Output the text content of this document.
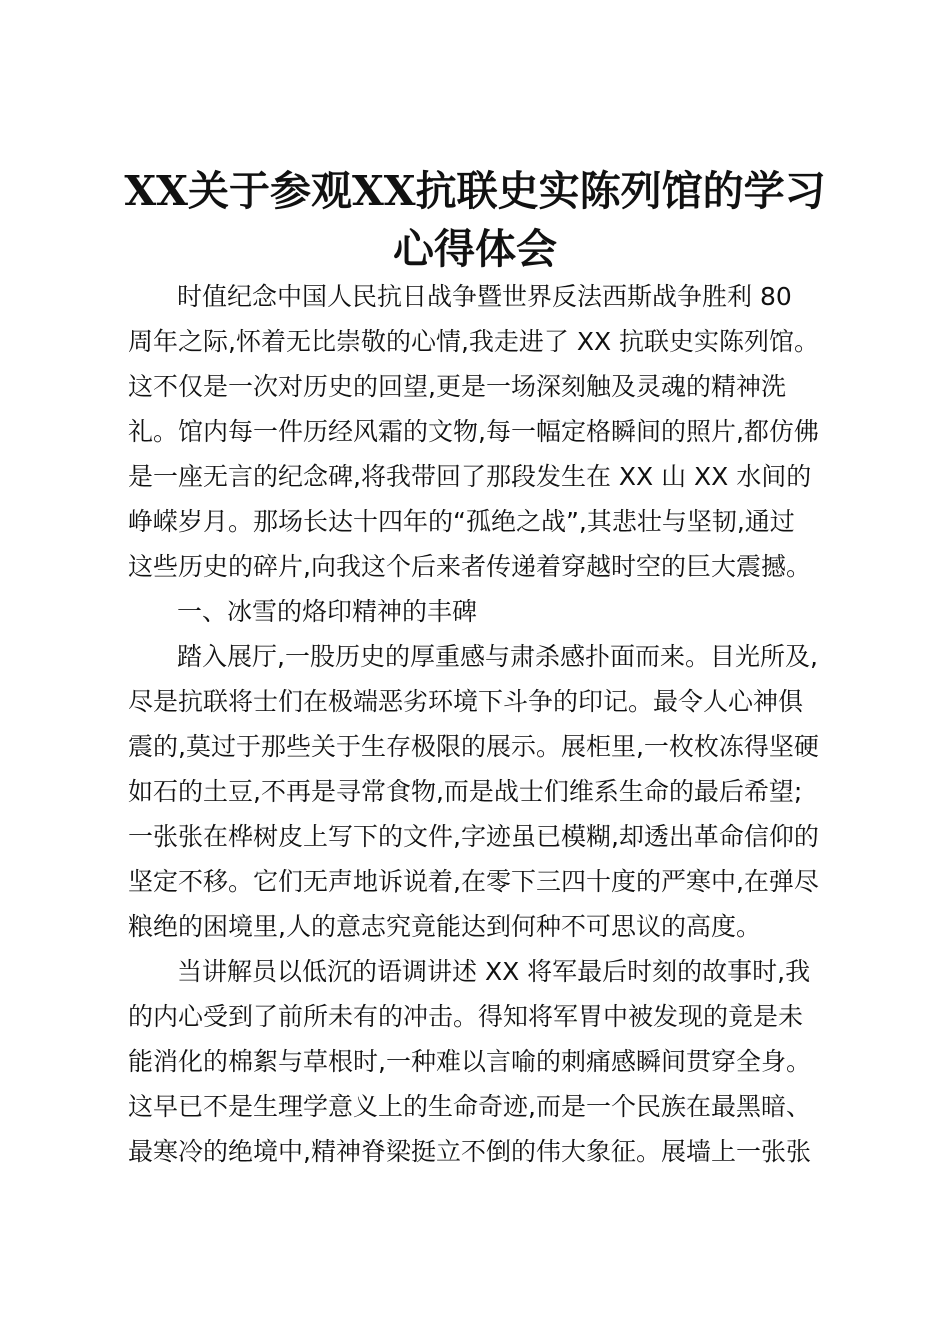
XX关于参观XX抗联史实陈列馆的学习
心得体会
时值纪念中国人民抗日战争暨世界反法西斯战争胜利 80
周年之际,怀着无比崇敬的心情,我走进了 XX 抗联史实陈列馆。
这不仅是一次对历史的回望,更是一场深刻触及灵魂的精神洗
礼。馆内每一件历经风霜的文物,每一幅定格瞬间的照片,都仿佛
是一座无言的纪念碑,将我带回了那段发生在 XX 山 XX 水间的
峥嵘岁月。那场长达十四年的“孤绝之战”,其悲壮与坚韧,通过
这些历史的碎片,向我这个后来者传递着穿越时空的巨大震撼。
一、冰雪的烙印精神的丰碑
踏入展厅,一股历史的厚重感与肃杀感扑面而来。目光所及,
尽是抗联将士们在极端恶劣环境下斗争的印记。最令人心神俱
震的,莫过于那些关于生存极限的展示。展柜里,一枚枚冻得坚硬
如石的土豆,不再是寻常食物,而是战士们维系生命的最后希望;
一张张在桦树皮上写下的文件,字迹虽已模糊,却透出革命信仰的
坚定不移。它们无声地诉说着,在零下三四十度的严寒中,在弹尽
粮绝的困境里,人的意志究竟能达到何种不可思议的高度。
当讲解员以低沉的语调讲述 XX 将军最后时刻的故事时,我
的内心受到了前所未有的冲击。得知将军胃中被发现的竟是未
能消化的棉絮与草根时,一种难以言喻的刺痛感瞬间贯穿全身。
这早已不是生理学意义上的生命奇迹,而是一个民族在最黑暗、
最寒冷的绝境中,精神脊梁挺立不倒的伟大象征。展墙上一张张
